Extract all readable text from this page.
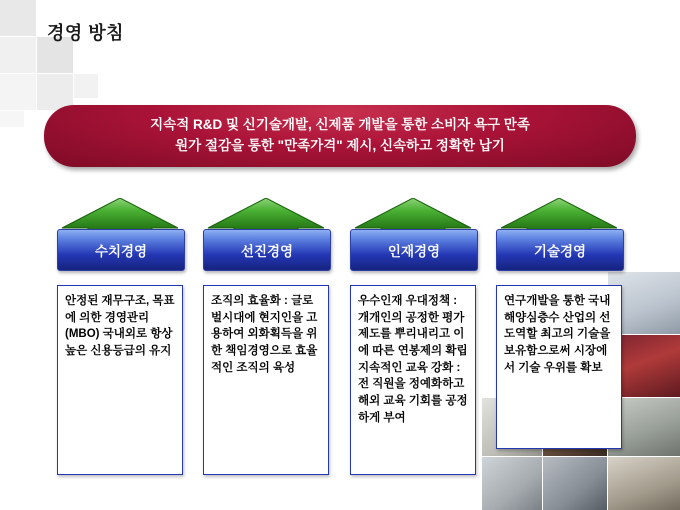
경영 방침
지속적 R&D 및 신기술개발, 신제품 개발을 통한 소비자 욕구 만족
원가 절감을 통한 "만족가격" 제시, 신속하고 정확한 납기
수치경영	선진경영	인재경영	기술경영
안정된 재무구조, 목표에 의한 경영관리(MBO) 국내외로 항상 높은 신용등급의 유지
조직의 효율화 : 글로벌시대에 현지인을 고용하여 외화획득을 위한 책임경영으로 효율적인 조직의 육성
우수인재 우대정책 : 개개인의 공정한 평가제도를 뿌리내리고 이에 따른 연봉제의 확립 지속적인 교육 강화 : 전 직원을 정예화하고 해외 교육 기회를 공정하게 부여
연구개발을 통한 국내 해양심층수 산업의 선도역할 최고의 기술을 보유함으로써 시장에서 기술 우위를 확보
